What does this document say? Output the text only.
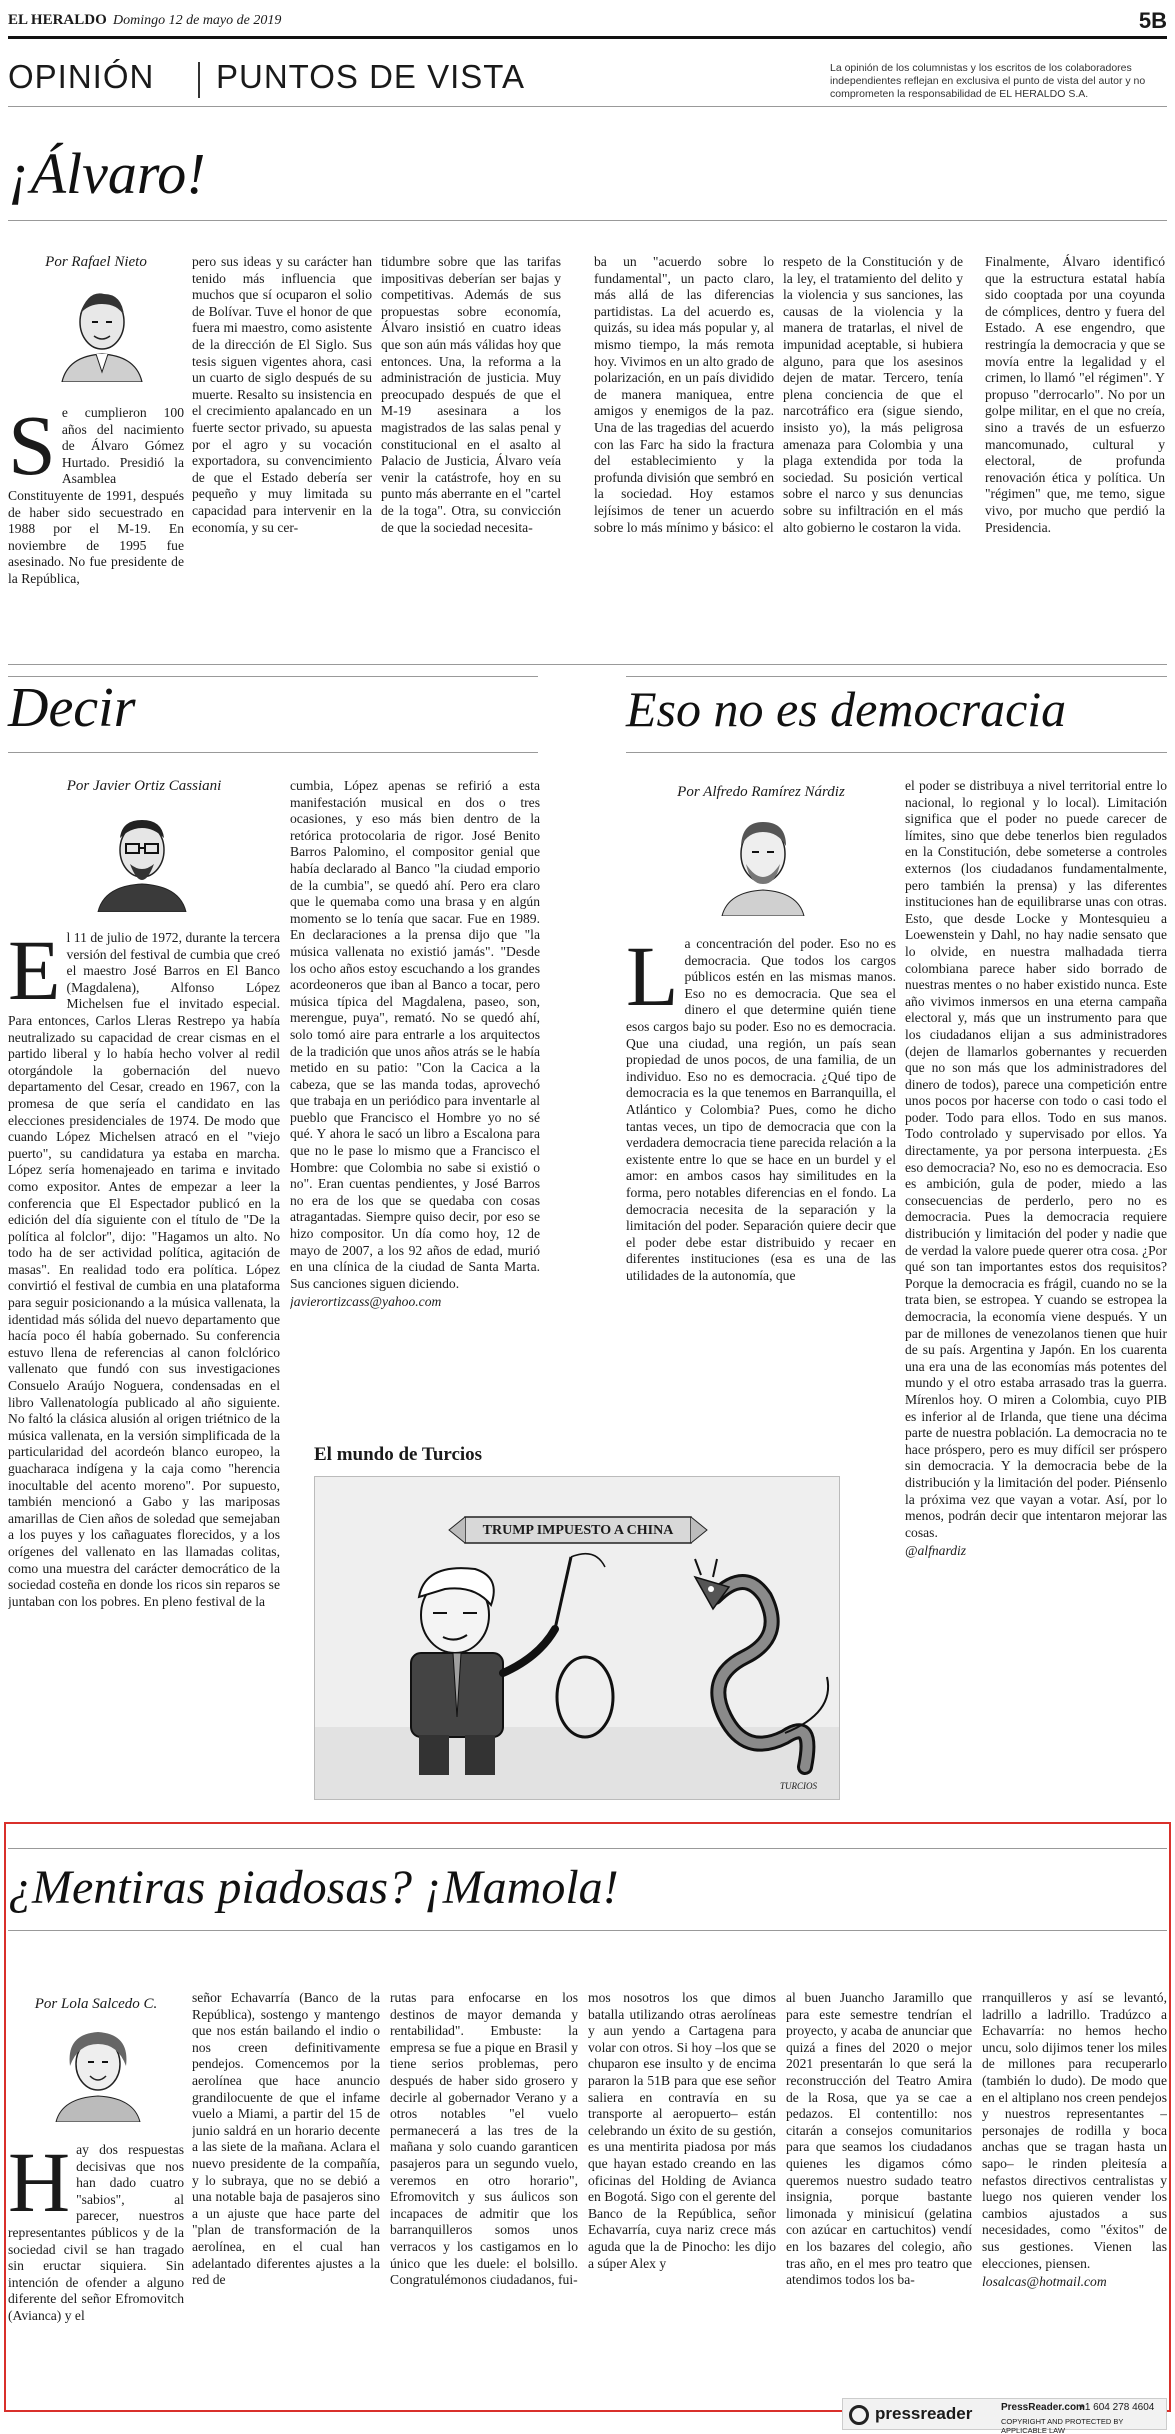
EL HERALDO Domingo 12 de mayo de 2019	5B
OPINIÓN PUNTOS DE VISTA	La opinión de los columnistas y los escritos de los colaboradores independientes reflejan en exclusiva el punto de vista del autor y no comprometen la responsabilidad de EL HERALDO S.A.
¡Álvaro!
Por Rafael Nieto

Se cumplieron 100 años del nacimiento de Álvaro Gómez Hurtado. Presidió la Asamblea Constituyente de 1991, después de haber sido secuestrado en 1988 por el M-19. En noviembre de 1995 fue asesinado. No fue presidente de la República,

pero sus ideas y su carácter han tenido más influencia que muchos que sí ocuparon el solio de Bolívar. Tuve el honor de que fuera mi maestro, como asistente de la dirección de El Siglo. Sus tesis siguen vigentes ahora, casi un cuarto de siglo después de su muerte. Resalto su insistencia en el crecimiento apalancado en un fuerte sector privado, su apuesta por el agro y su vocación exportadora, su convencimiento de que el Estado debería ser pequeño y muy limitada su capacidad para intervenir en la economía, y su cer-

tidumbre sobre que las tarifas impositivas deberían ser bajas y competitivas. Además de sus propuestas sobre economía, Álvaro insistió en cuatro ideas que son aún más válidas hoy que entonces. Una, la reforma a la administración de justicia. Muy preocupado después de que el M-19 asesinara a los magistrados de las salas penal y constitucional en el asalto al Palacio de Justicia, Álvaro veía venir la catástrofe, hoy en su punto más aberrante en el "cartel de la toga". Otra, su convicción de que la sociedad necesita-

ba un "acuerdo sobre lo fundamental", un pacto claro, más allá de las diferencias partidistas. La del acuerdo es, quizás, su idea más popular y, al mismo tiempo, la más remota hoy. Vivimos en un alto grado de polarización, en un país dividido de manera maniquea, entre amigos y enemigos de la paz. Una de las tragedias del acuerdo con las Farc ha sido la fractura del establecimiento y la profunda división que sembró en la sociedad. Hoy estamos lejísimos de tener un acuerdo sobre lo más mínimo y básico: el

respeto de la Constitución y de la ley, el tratamiento del delito y la violencia y sus sanciones, las causas de la violencia y la manera de tratarlas, el nivel de impunidad aceptable, si hubiera alguno, para que los asesinos dejen de matar. Tercero, tenía plena conciencia de que el narcotráfico era (sigue siendo, insisto yo), la más peligrosa amenaza para Colombia y una plaga extendida por toda la sociedad. Su posición vertical sobre el narco y sus denuncias sobre su infiltración en el más alto gobierno le costaron la vida.

Finalmente, Álvaro identificó que la estructura estatal había sido cooptada por una coyunda de cómplices, dentro y fuera del Estado. A ese engendro, que restringía la democracia y que se movía entre la legalidad y el crimen, lo llamó "el régimen". Y propuso "derrocarlo". No por un golpe militar, en el que no creía, sino a través de un esfuerzo mancomunado, cultural y electoral, de profunda renovación ética y política. Un "régimen" que, me temo, sigue vivo, por mucho que perdió la Presidencia.

Decir
Por Javier Ortiz Cassiani

El 11 de julio de 1972, durante la tercera versión del festival de cumbia que creó el maestro José Barros en El Banco (Magdalena), Alfonso López Michelsen fue el invitado especial. Para entonces, Carlos Lleras Restrepo ya había neutralizado su capacidad de crear cismas en el partido liberal y lo había hecho volver al redil otorgándole la gobernación del nuevo departamento del Cesar, creado en 1967, con la promesa de que sería el candidato en las elecciones presidenciales de 1974. De modo que cuando López Michelsen atracó en el "viejo puerto", su candidatura ya estaba en marcha. López sería homenajeado en tarima e invitado como expositor. Antes de empezar a leer la conferencia que El Espectador publicó en la edición del día siguiente con el título de "De la política al folclor", dijo: "Hagamos un alto. No todo ha de ser actividad política, agitación de masas". En realidad todo era política. López convirtió el festival de cumbia en una plataforma para seguir posicionando a la música vallenata, la identidad más sólida del nuevo departamento que hacía poco él había gobernado. Su conferencia estuvo llena de referencias al canon folclórico vallenato que fundó con sus investigaciones Consuelo Araújo Noguera, condensadas en el libro Vallenatología publicado al año siguiente. No faltó la clásica alusión al origen triétnico de la música vallenata, en la versión simplificada de la particularidad del acordeón blanco europeo, la guacharaca indígena y la caja como "herencia inocultable del acento moreno". Por supuesto, también mencionó a Gabo y las mariposas amarillas de Cien años de soledad que semejaban a los puyes y los cañaguates florecidos, y a los orígenes del vallenato en las llamadas colitas, como una muestra del carácter democrático de la sociedad costeña en donde los ricos sin reparos se juntaban con los pobres. En pleno festival de la

cumbia, López apenas se refirió a esta manifestación musical en dos o tres ocasiones, y eso más bien dentro de la retórica protocolaria de rigor. José Benito Barros Palomino, el compositor genial que había declarado al Banco "la ciudad emporio de la cumbia", se quedó ahí. Pero era claro que le quemaba como una brasa y en algún momento se lo tenía que sacar. Fue en 1989. En declaraciones a la prensa dijo que "la música vallenata no existió jamás". "Desde los ocho años estoy escuchando a los grandes acordeoneros que iban al Banco a tocar, pero música típica del Magdalena, paseo, son, merengue, puya", remató. No se quedó ahí, solo tomó aire para entrarle a los arquitectos de la tradición que unos años atrás se le había metido en su patio: "Con la Cacica a la cabeza, que se las manda todas, aprovechó que trabaja en un periódico para inventarle al pueblo que Francisco el Hombre yo no sé qué. Y ahora le sacó un libro a Escalona para que no le pase lo mismo que a Francisco el Hombre: que Colombia no sabe si existió o no". Eran cuentas pendientes, y José Barros no era de los que se quedaba con cosas atragantadas. Siempre quiso decir, por eso se hizo compositor. Un día como hoy, 12 de mayo de 2007, a los 92 años de edad, murió en una clínica de la ciudad de Santa Marta. Sus canciones siguen diciendo.

javierortizcass@yahoo.com

El mundo de Turcios
TRUMP IMPUESTO A CHINA
TURCIOS
Eso no es democracia
Por Alfredo Ramírez Nárdiz

La concentración del poder. Eso no es democracia. Que todos los cargos públicos estén en las mismas manos. Eso no es democracia. Que sea el dinero el que determine quién tiene esos cargos bajo su poder. Eso no es democracia. Que una ciudad, una región, un país sean propiedad de unos pocos, de una familia, de un individuo. Eso no es democracia. ¿Qué tipo de democracia es la que tenemos en Barranquilla, el Atlántico y Colombia? Pues, como he dicho tantas veces, un tipo de democracia que con la verdadera democracia tiene parecida relación a la existente entre lo que se hace en un burdel y el amor: en ambos casos hay similitudes en la forma, pero notables diferencias en el fondo. La democracia necesita de la separación y la limitación del poder. Separación quiere decir que el poder debe estar distribuido y recaer en diferentes instituciones (esa es una de las utilidades de la autonomía, que

el poder se distribuya a nivel territorial entre lo nacional, lo regional y lo local). Limitación significa que el poder no puede carecer de límites, sino que debe tenerlos bien regulados en la Constitución, debe someterse a controles externos (los ciudadanos fundamentalmente, pero también la prensa) y las diferentes instituciones han de equilibrarse unas con otras. Esto, que desde Locke y Montesquieu a Loewenstein y Dahl, no hay nadie sensato que lo olvide, en nuestra malhadada tierra colombiana parece haber sido borrado de nuestras mentes o no haber existido nunca. Este año vivimos inmersos en una eterna campaña electoral y, más que un instrumento para que los ciudadanos elijan a sus administradores (dejen de llamarlos gobernantes y recuerden que no son más que los administradores del dinero de todos), parece una competición entre unos pocos por hacerse con todo o casi todo el poder. Todo para ellos. Todo en sus manos. Todo controlado y supervisado por ellos. Ya directamente, ya por persona interpuesta. ¿Es eso democracia? No, eso no es democracia. Eso es ambición, gula de poder, miedo a las consecuencias de perderlo, pero no es democracia. Pues la democracia requiere distribución y limitación del poder y nadie que de verdad la valore puede querer otra cosa. ¿Por qué son tan importantes estos dos requisitos? Porque la democracia es frágil, cuando no se la trata bien, se estropea. Y cuando se estropea la democracia, la economía viene después. Y un par de millones de venezolanos tienen que huir de su país. Argentina y Japón. En los cuarenta una era una de las economías más potentes del mundo y el otro estaba arrasado tras la guerra. Mírenlos hoy. O miren a Colombia, cuyo PIB es inferior al de Irlanda, que tiene una décima parte de nuestra población. La democracia no te hace próspero, pero es muy difícil ser próspero sin democracia. Y la democracia bebe de la distribución y la limitación del poder. Piénsenlo la próxima vez que vayan a votar. Así, por lo menos, podrán decir que intentaron mejorar las cosas.

@alfnardiz

¿Mentiras piadosas? ¡Mamola!
Por Lola Salcedo C.

Hay dos respuestas decisivas que nos han dado cuatro "sabios", al parecer, nuestros representantes públicos y de la sociedad civil se han tragado sin eructar siquiera. Sin intención de ofender a alguno diferente del señor Efromovitch (Avianca) y el

señor Echavarría (Banco de la República), sostengo y mantengo que nos están bailando el indio o nos creen definitivamente pendejos. Comencemos por la aerolínea que hace anuncio grandilocuente de que el infame vuelo a Miami, a partir del 15 de junio saldrá en un horario decente a las siete de la mañana. Aclara el nuevo presidente de la compañía, y lo subraya, que no se debió a una notable baja de pasajeros sino a un ajuste que hace parte del "plan de transformación de la aerolínea, en el cual han adelantado diferentes ajustes a la red de

rutas para enfocarse en los destinos de mayor demanda y rentabilidad". Embuste: la empresa se fue a pique en Brasil y tiene serios problemas, pero después de haber sido grosero y decirle al gobernador Verano y a otros notables "el vuelo permanecerá a las tres de la mañana y solo cuando garanticen pasajeros para un segundo vuelo, veremos en otro horario", Efromovitch y sus áulicos son incapaces de admitir que los barranquilleros somos unos verracos y los castigamos en lo único que les duele: el bolsillo. Congratulémonos ciudadanos, fui-

mos nosotros los que dimos batalla utilizando otras aerolíneas y aun yendo a Cartagena para volar con otros. Si hoy –los que se chuparon ese insulto y de encima pararon la 51B para que ese señor saliera en contravía en su transporte al aeropuerto– están celebrando un éxito de su gestión, es una mentirita piadosa por más que hayan estado creando en las oficinas del Holding de Avianca en Bogotá. Sigo con el gerente del Banco de la República, señor Echavarría, cuya nariz crece más aguda que la de Pinocho: les dijo a súper Alex y

al buen Juancho Jaramillo que para este semestre tendrían el proyecto, y acaba de anunciar que quizá a fines del 2020 o mejor 2021 presentarán lo que será la reconstrucción del Teatro Amira de la Rosa, que ya se cae a pedazos. El contentillo: nos citarán a consejos comunitarios para que seamos los ciudadanos quienes les digamos cómo queremos nuestro sudado teatro insignia, porque bastante limonada y minisicuí (gelatina con azúcar en cartuchitos) vendí en los bazares del colegio, año tras año, en el mes pro teatro que atendimos todos los ba-

rranquilleros y así se levantó, ladrillo a ladrillo. Tradúzco a Echavarría: no hemos hecho uncu, solo dijimos tener los miles de millones para recuperarlo (también lo dudo). De modo que en el altiplano nos creen pendejos y nuestros representantes –personajes de rodilla y boca anchas que se tragan hasta un sapo– le rinden pleitesía a nefastos directivos centralistas y luego nos quieren vender los cambios ajustados a sus necesidades, como "éxitos" de sus gestiones. Vienen las elecciones, piensen.

losalcas@hotmail.com

pressreader	PressReader.com
+1 604 278 4604
COPYRIGHT AND PROTECTED BY APPLICABLE LAW
